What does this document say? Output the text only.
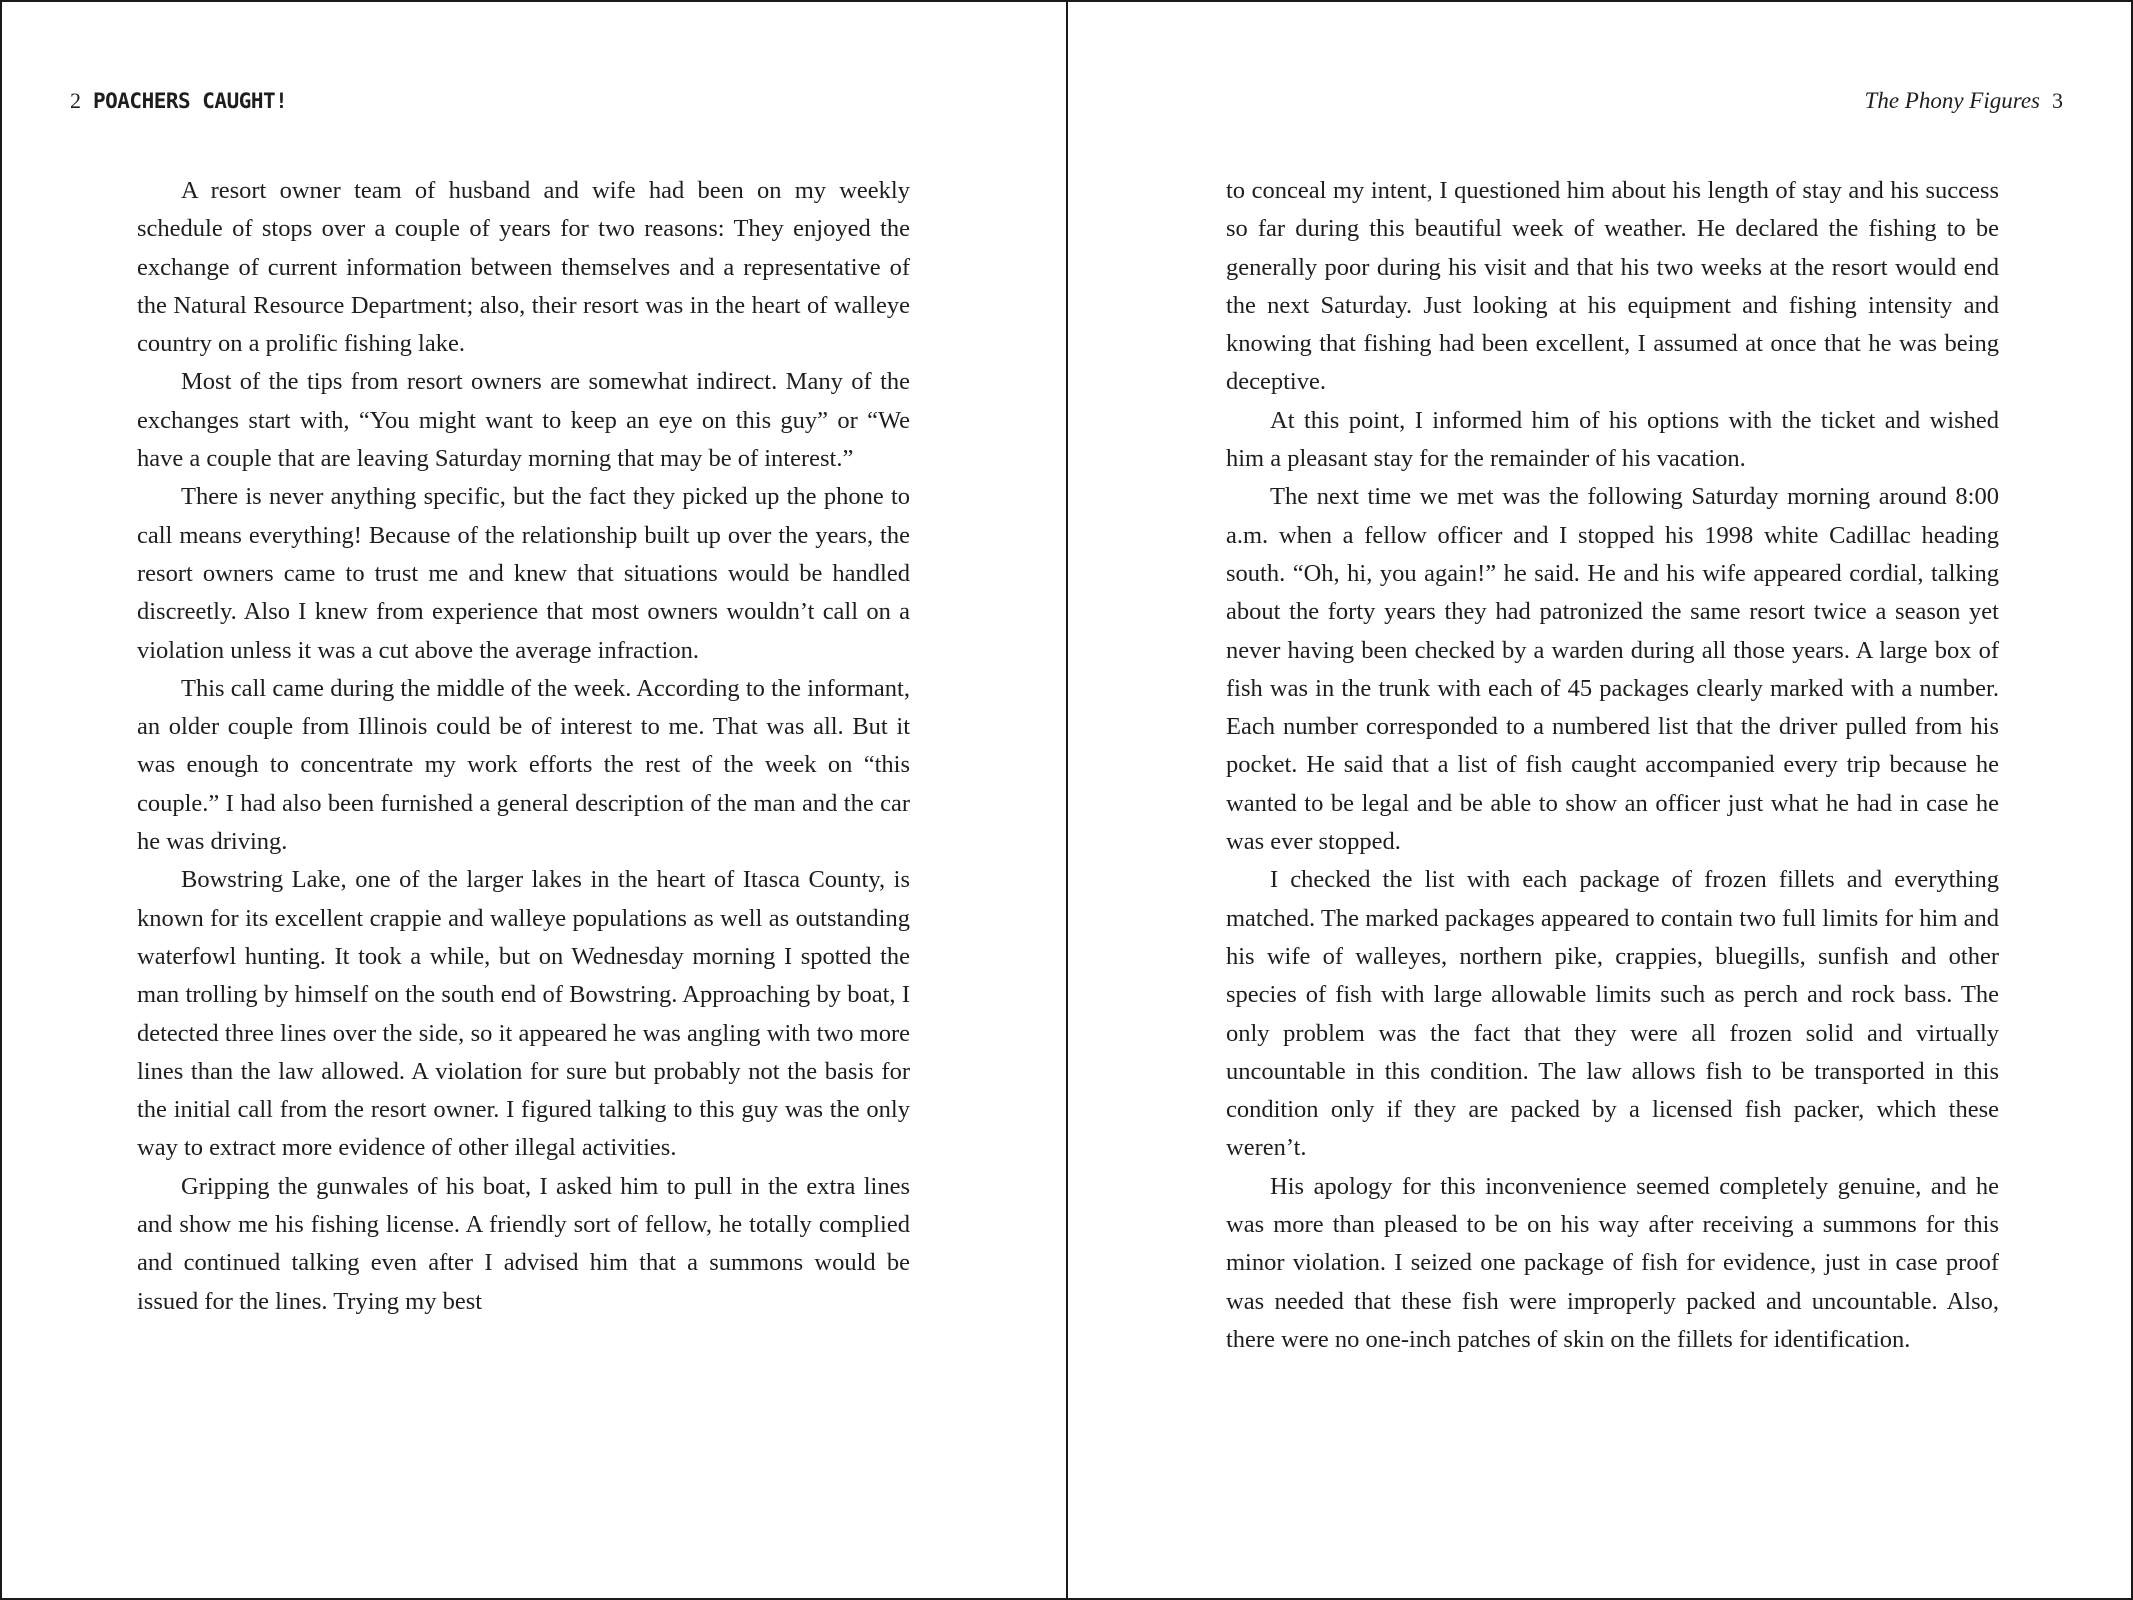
2 POACHERS CAUGHT!

A resort owner team of husband and wife had been on my weekly schedule of stops over a couple of years for two reasons: They enjoyed the exchange of current information between themselves and a representative of the Natural Resource Department; also, their resort was in the heart of walleye country on a prolific fishing lake.

Most of the tips from resort owners are somewhat indirect. Many of the exchanges start with, “You might want to keep an eye on this guy” or “We have a couple that are leaving Saturday morning that may be of interest.”

There is never anything specific, but the fact they picked up the phone to call means everything! Because of the relationship built up over the years, the resort owners came to trust me and knew that situations would be handled discreetly. Also I knew from experience that most owners wouldn’t call on a violation unless it was a cut above the average infraction.

This call came during the middle of the week. According to the informant, an older couple from Illinois could be of interest to me. That was all. But it was enough to concentrate my work efforts the rest of the week on “this couple.” I had also been furnished a general description of the man and the car he was driving.

Bowstring Lake, one of the larger lakes in the heart of Itasca County, is known for its excellent crappie and walleye populations as well as outstanding waterfowl hunting. It took a while, but on Wednesday morning I spotted the man trolling by himself on the south end of Bowstring. Approaching by boat, I detected three lines over the side, so it appeared he was angling with two more lines than the law allowed. A violation for sure but probably not the basis for the initial call from the resort owner. I figured talking to this guy was the only way to extract more evidence of other illegal activities.

Gripping the gunwales of his boat, I asked him to pull in the extra lines and show me his fishing license. A friendly sort of fellow, he totally complied and continued talking even after I advised him that a summons would be issued for the lines. Trying my best

The Phony Figures 3

to conceal my intent, I questioned him about his length of stay and his success so far during this beautiful week of weather. He declared the fishing to be generally poor during his visit and that his two weeks at the resort would end the next Saturday. Just looking at his equipment and fishing intensity and knowing that fishing had been excellent, I assumed at once that he was being deceptive.

At this point, I informed him of his options with the ticket and wished him a pleasant stay for the remainder of his vacation.

The next time we met was the following Saturday morning around 8:00 a.m. when a fellow officer and I stopped his 1998 white Cadillac heading south. “Oh, hi, you again!” he said. He and his wife appeared cordial, talking about the forty years they had patronized the same resort twice a season yet never having been checked by a warden during all those years. A large box of fish was in the trunk with each of 45 packages clearly marked with a number. Each number corresponded to a numbered list that the driver pulled from his pocket. He said that a list of fish caught accompanied every trip because he wanted to be legal and be able to show an officer just what he had in case he was ever stopped.

I checked the list with each package of frozen fillets and everything matched. The marked packages appeared to contain two full limits for him and his wife of walleyes, northern pike, crappies, bluegills, sunfish and other species of fish with large allowable limits such as perch and rock bass. The only problem was the fact that they were all frozen solid and virtually uncountable in this condition. The law allows fish to be transported in this condition only if they are packed by a licensed fish packer, which these weren’t.

His apology for this inconvenience seemed completely genuine, and he was more than pleased to be on his way after receiving a summons for this minor violation. I seized one package of fish for evidence, just in case proof was needed that these fish were improperly packed and uncountable. Also, there were no one-inch patches of skin on the fillets for identification.
